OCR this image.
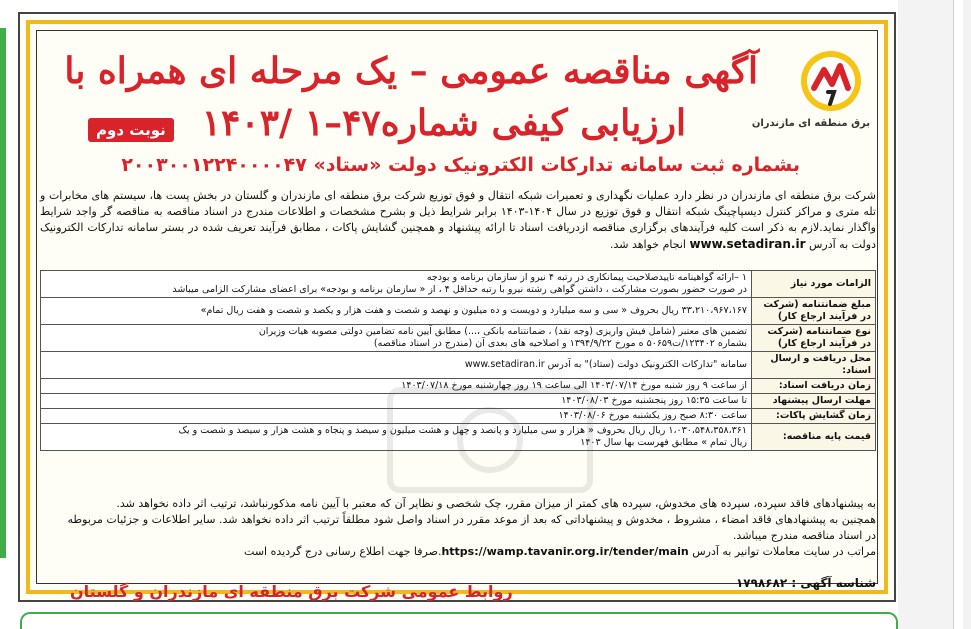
برق منطقه ای مازندران
آگهی مناقصه عمومی – یک مرحله ای همراه با
ارزیابی کیفی شماره۴۷–۱ /۱۴۰۳
نوبت دوم
بشماره ثبت سامانه تدارکات الکترونیک دولت «ستاد» ۲۰۰۳۰۰۱۲۲۴۰۰۰۰۴۷
شرکت برق منطقه ای مازندران در نظر دارد عملیات نگهداری و تعمیرات شبکه انتقال و فوق توزیع شرکت برق منطقه ای مازندران و گلستان در بخش پست ها، سیستم های مخابرات و تله متری و مراکز کنترل دیسپاچینگ شبکه انتقال و فوق توزیع در سال ۱۴۰۴-۱۴۰۳ برابر شرایط ذیل و بشرح مشخصات و اطلاعات مندرج در اسناد مناقصه به مناقصه گر واجد شرایط واگذار نماید.لازم به ذکر است کلیه فرآیندهای برگزاری مناقصه ازدریافت اسناد تا ارائه پیشنهاد و همچنین گشایش پاکات ، مطابق فرآیند تعریف شده در بستر سامانه تدارکات الکترونیک دولت به آدرس www.setadiran.ir انجام خواهد شد.
الزامات مورد نیاز	۱ –ارائه گواهینامه تاییدصلاحیت پیمانکاری در رتبه ۴ نیرو از سازمان برنامه و بودجه
در صورت حضور بصورت مشارکت ، داشتن گواهی رشته نیرو با رتبه حداقل ۴ ، از « سازمان برنامه و بودجه» برای اعضای مشارکت الزامی میباشد

مبلغ ضمانتنامه (شرکت در فرآیند ارجاع کار)	۳۳،۲۱۰،۹۶۷،۱۶۷ ریال بحروف « سی و سه میلیارد و دویست و ده میلیون و نهصد و شصت و هفت هزار و یکصد و شصت و هفت ریال تمام»

نوع ضمانتنامه (شرکت در فرآیند ارجاع کار)	تضمین های معتبر (شامل فیش واریزی (وجه نقد) ، ضمانتنامه بانکی ،...) مطابق آیین نامه تضامین دولتی مصوبه هیات وزیران
بشماره ۱۲۳۴۰۲/ت۵۰۶۵۹ ه مورخ ۱۳۹۴/۹/۲۲ و اصلاحیه های بعدی آن (مندرج در اسناد مناقصه)

محل دریافت و ارسال اسناد:	سامانه "تدارکات الکترونیک دولت (ستاد)" به آدرس www.setadiran.ir

زمان دریافت اسناد:	از ساعت ۹ روز شنبه مورخ ۱۴۰۳/۰۷/۱۴ الی ساعت ۱۹ روز چهارشنبه مورخ ۱۴۰۳/۰۷/۱۸

مهلت ارسال پیشنهاد	تا ساعت ۱۵:۳۵ روز پنجشنبه مورخ ۱۴۰۳/۰۸/۰۳

زمان گشایش پاکات:	ساعت ۸:۳۰ صبح روز یکشنبه مورخ ۱۴۰۳/۰۸/۰۶

قیمت پایه مناقصه:	۱،۰۳۰،۵۴۸،۳۵۸،۳۶۱ ریال ریال بحروف « هزار و سی میلیارد و پانصد و چهل و هشت میلیون و سیصد و پنجاه و هشت هزار و سیصد و شصت و یک
ریال تمام » مطابق فهرست بها سال ۱۴۰۳
به پیشنهادهای فاقد سپرده، سپرده های مخدوش، سپرده های کمتر از میزان مقرر، چک شخصی و نظایر آن که معتبر با آیین نامه مذکورنباشد، ترتیب اثر داده نخواهد شد.
همچنین به پیشنهادهای فاقد امضاء ، مشروط ، مخدوش و پیشنهاداتی که بعد از موعد مقرر در اسناد واصل شود مطلقاً ترتیب اثر داده نخواهد شد. سایر اطلاعات و جزئیات مربوطه
در اسناد مناقصه مندرج میباشد.
مراتب در سایت معاملات توانیر به آدرس https://wamp.tavanir.org.ir/tender/main.صرفا جهت اطلاع رسانی درج گردیده است
شناسه آگهی : ۱۷۹۸۶۸۲
روابط عمومی شرکت برق منطقه ای مازندران و گلستان
